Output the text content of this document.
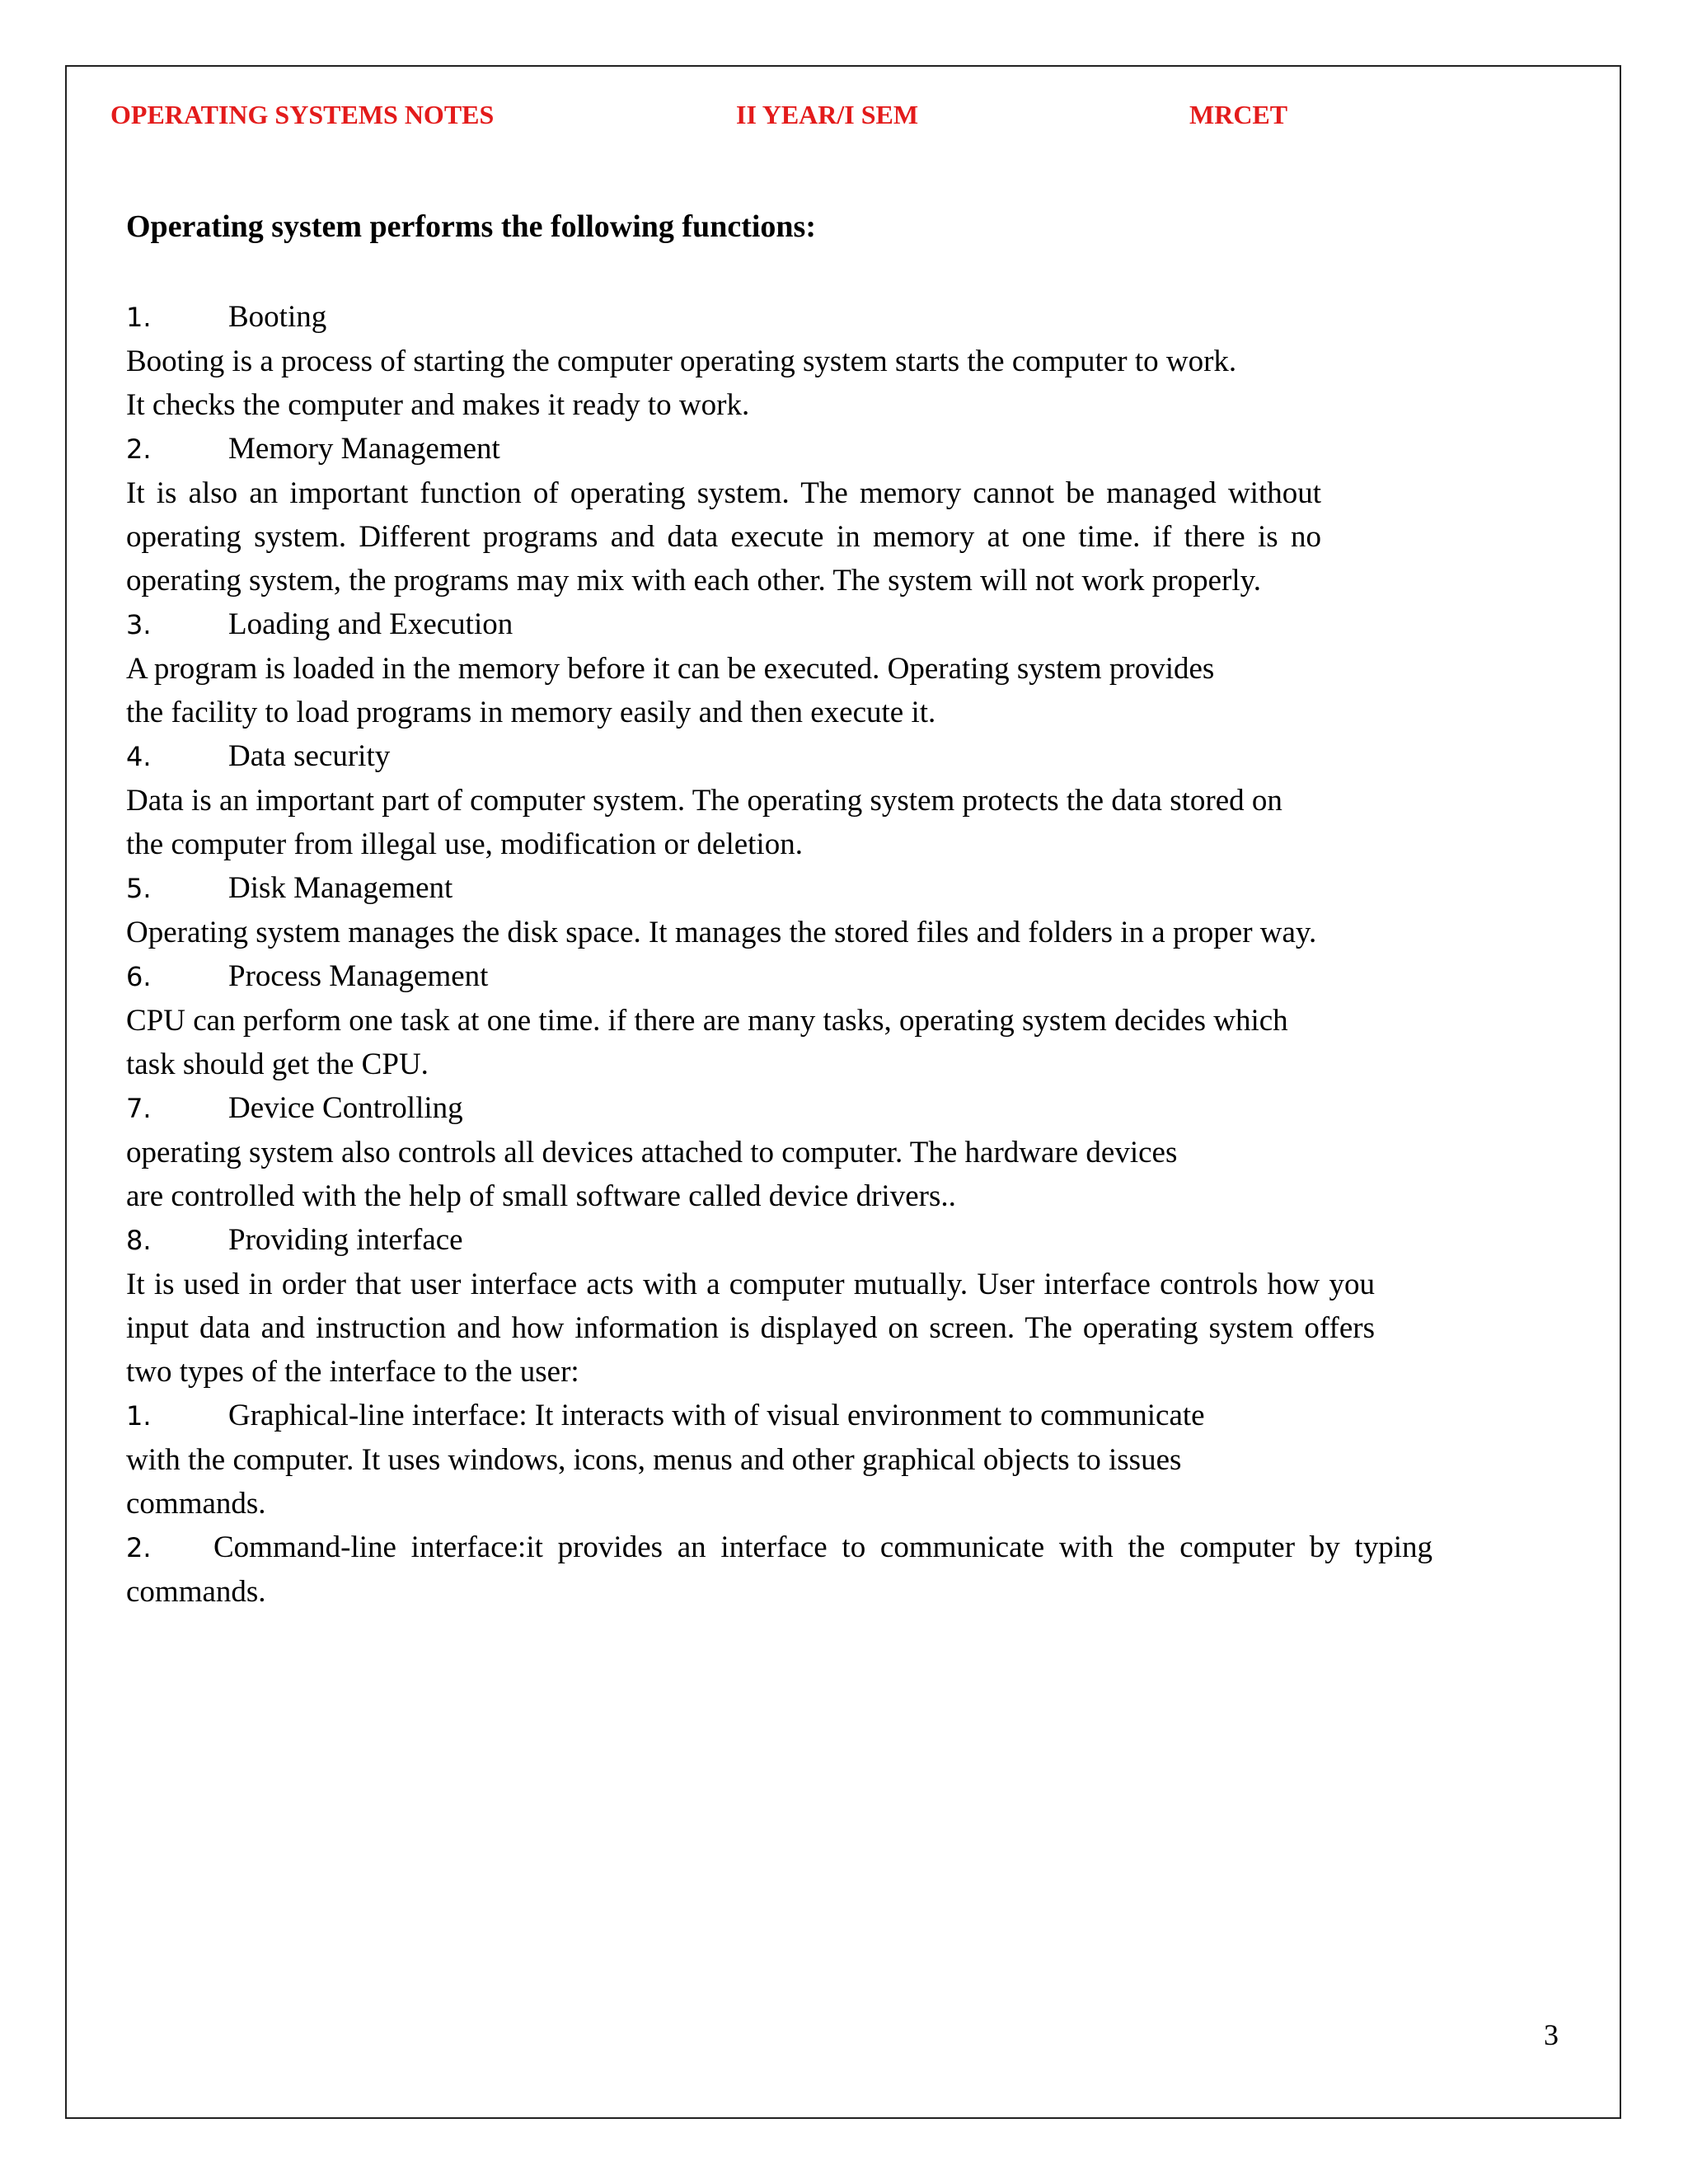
OPERATING SYSTEMS NOTES	II YEAR/I SEM	MRCET

Operating system performs the following functions:

1.	Booting

Booting is a process of starting the computer operating system starts the computer to work.

It checks the computer and makes it ready to work.

2.	Memory Management

It is also an important function of operating system. The memory cannot be managed without operating system. Different programs and data execute in memory at one time. if there is no operating system, the programs may mix with each other. The system will not work properly.

3.	Loading and Execution

A program is loaded in the memory before it can be executed. Operating system provides

the facility to load programs in memory easily and then execute it.

4.	Data security

Data is an important part of computer system. The operating system protects the data stored on

the computer from illegal use, modification or deletion.

5.	Disk Management

Operating system manages the disk space. It manages the stored files and folders in a proper way.

6.	Process Management

CPU can perform one task at one time. if there are many tasks, operating system decides which

task should get the CPU.

7.	Device Controlling

operating system also controls all devices attached to computer. The hardware devices

are controlled with the help of small software called device drivers..

8.	Providing interface

It is used in order that user interface acts with a computer mutually. User interface controls how you input data and instruction and how information is displayed on screen. The operating system offers two types of the interface to the user:

1.	Graphical-line interface: It interacts with of visual environment to communicate

with the computer. It uses windows, icons, menus and other graphical objects to issues

commands.

2. Command-line interface:it provides an interface to communicate with the computer by typing commands.

3
